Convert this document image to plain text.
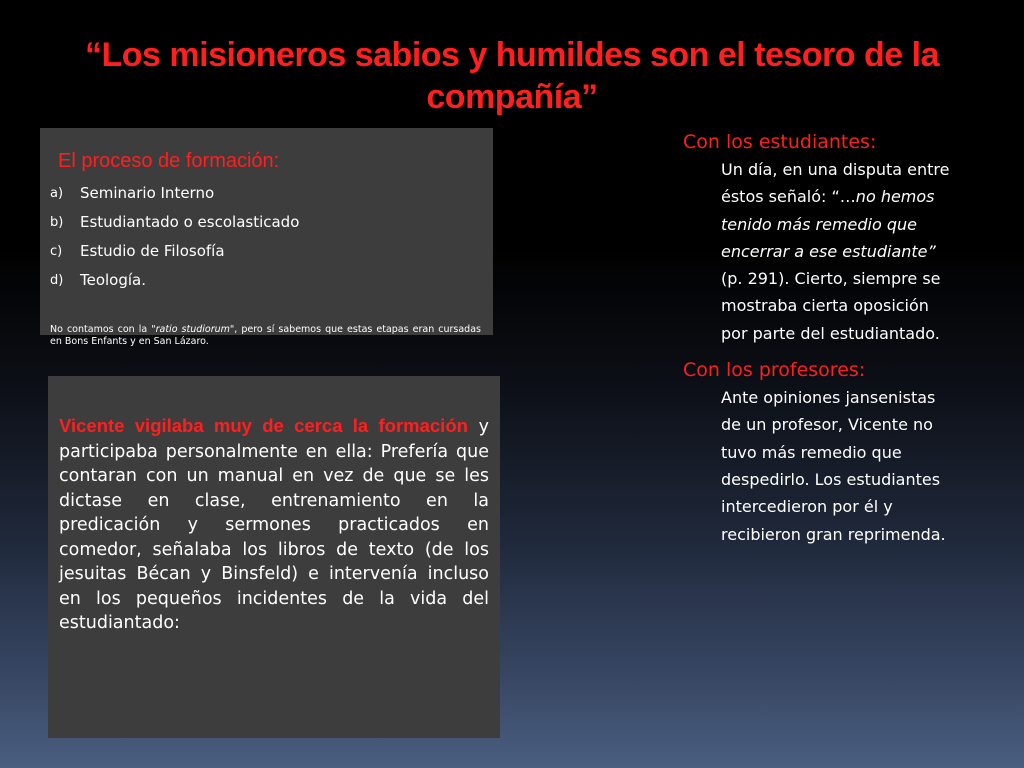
“Los misioneros sabios y humildes son el tesoro de la compañía”
El proceso de formación:
a) Seminario Interno
b) Estudiantado o escolasticado
c) Estudio de Filosofía
d) Teología.

No contamos con la "ratio studiorum", pero sí sabemos que estas etapas eran cursadas en Bons Enfants y en San Lázaro.

Vicente vigilaba muy de cerca la formación y participaba personalmente en ella: Prefería que contaran con un manual en vez de que se les dictase en clase, entrenamiento en la predicación y sermones practicados en comedor, señalaba los libros de texto (de los jesuitas Bécan y Binsfeld) e intervenía incluso en los pequeños incidentes de la vida del estudiantado:

Con los estudiantes:

Un día, en una disputa entre éstos señaló: “…no hemos tenido más remedio que encerrar a ese estudiante” (p. 291). Cierto, siempre se mostraba cierta oposición por parte del estudiantado.

Con los profesores:

Ante opiniones jansenistas de un profesor, Vicente no tuvo más remedio que despedirlo. Los estudiantes intercedieron por él y recibieron gran reprimenda.
